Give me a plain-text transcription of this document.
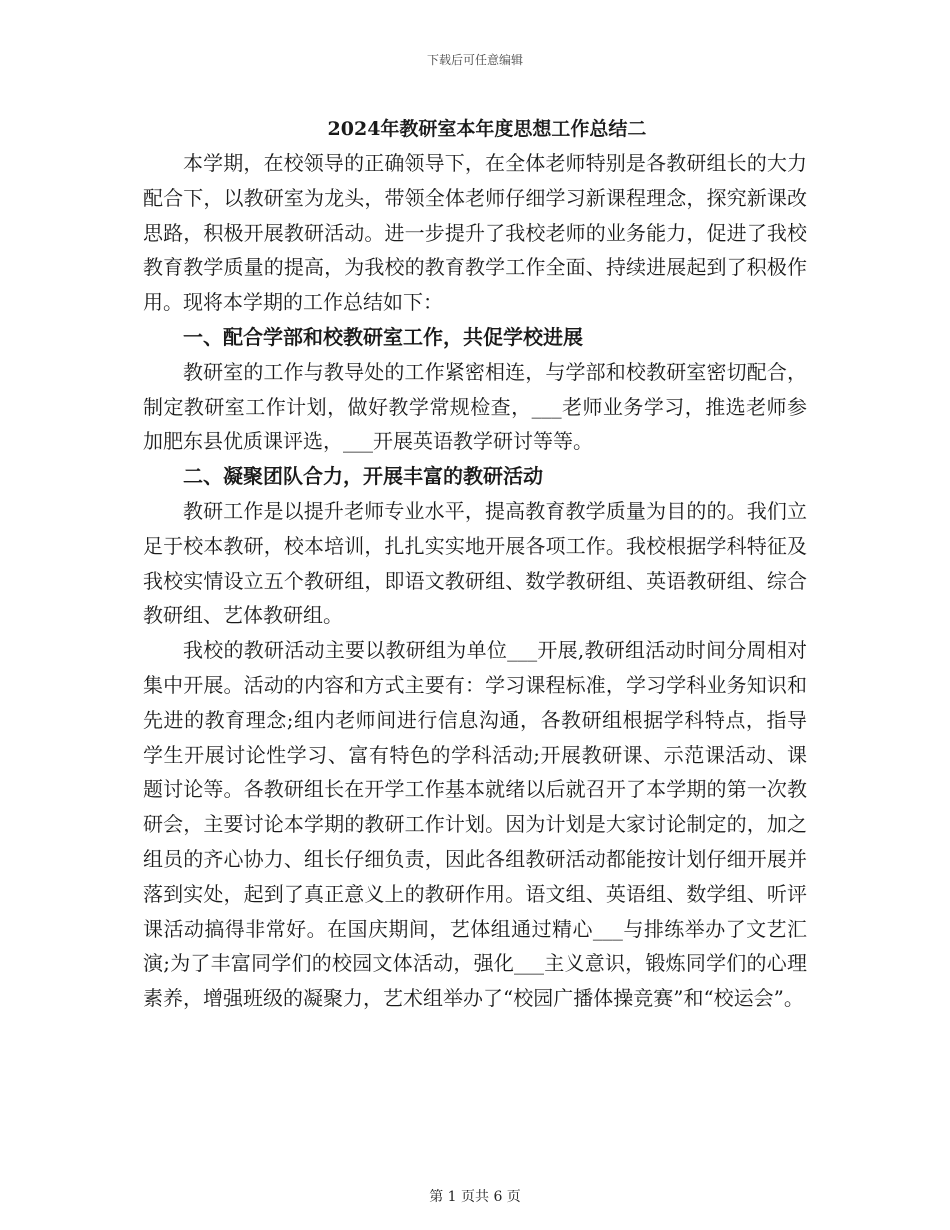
下载后可任意编辑
2024年教研室本年度思想工作总结二

本学期，在校领导的正确领导下，在全体老师特别是各教研组长的大力配合下，以教研室为龙头，带领全体老师仔细学习新课程理念，探究新课改思路，积极开展教研活动。进一步提升了我校老师的业务能力，促进了我校教育教学质量的提高，为我校的教育教学工作全面、持续进展起到了积极作用。现将本学期的工作总结如下：

一、配合学部和校教研室工作，共促学校进展

教研室的工作与教导处的工作紧密相连，与学部和校教研室密切配合，制定教研室工作计划，做好教学常规检查，___老师业务学习，推选老师参加肥东县优质课评选，___开展英语教学研讨等等。

二、凝聚团队合力，开展丰富的教研活动

教研工作是以提升老师专业水平，提高教育教学质量为目的的。我们立足于校本教研，校本培训，扎扎实实地开展各项工作。我校根据学科特征及我校实情设立五个教研组，即语文教研组、数学教研组、英语教研组、综合教研组、艺体教研组。

我校的教研活动主要以教研组为单位___开展,教研组活动时间分周相对集中开展。活动的内容和方式主要有：学习课程标准，学习学科业务知识和先进的教育理念;组内老师间进行信息沟通，各教研组根据学科特点，指导学生开展讨论性学习、富有特色的学科活动;开展教研课、示范课活动、课题讨论等。各教研组长在开学工作基本就绪以后就召开了本学期的第一次教研会，主要讨论本学期的教研工作计划。因为计划是大家讨论制定的，加之组员的齐心协力、组长仔细负责，因此各组教研活动都能按计划仔细开展并落到实处，起到了真正意义上的教研作用。语文组、英语组、数学组、听评课活动搞得非常好。在国庆期间，艺体组通过精心___与排练举办了文艺汇演;为了丰富同学们的校园文体活动，强化___主义意识，锻炼同学们的心理素养，增强班级的凝聚力，艺术组举办了“校园广播体操竞赛”和“校运会”。

第 1 页共 6 页
